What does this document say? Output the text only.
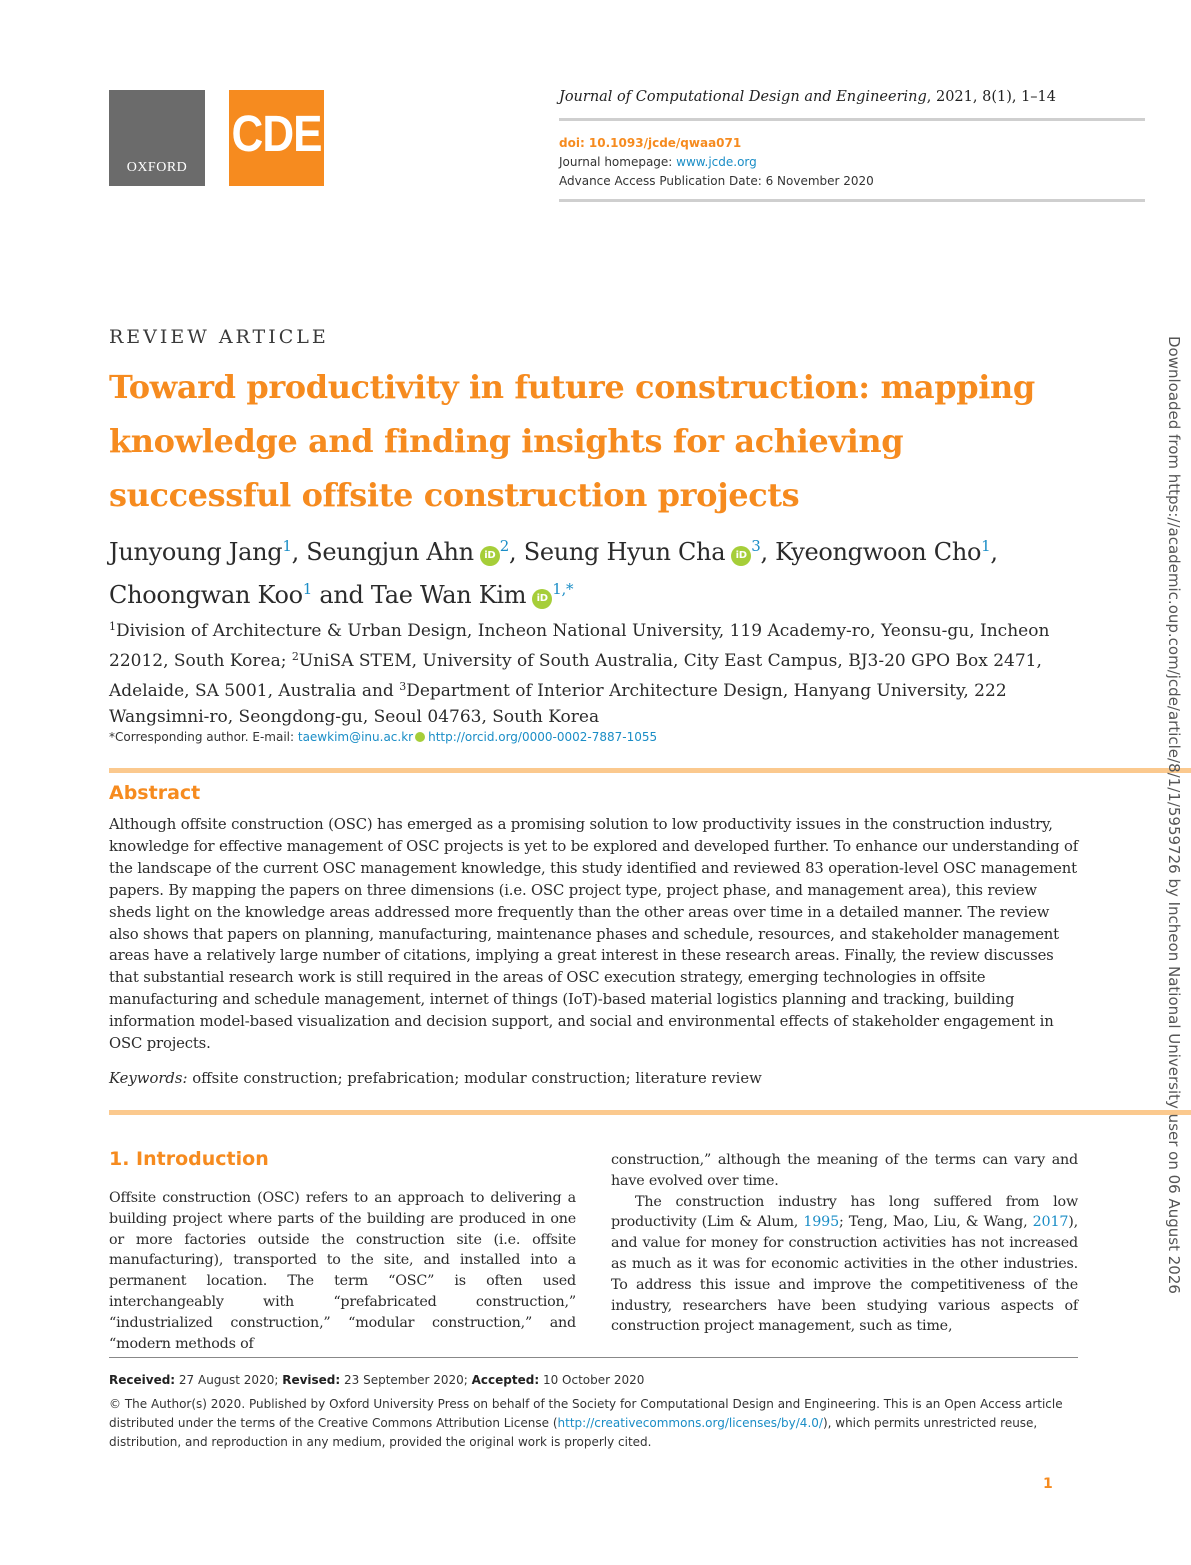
OXFORD
CDE
Journal of Computational Design and Engineering, 2021, 8(1), 1–14
doi: 10.1093/jcde/qwaa071
Journal homepage: www.jcde.org
Advance Access Publication Date: 6 November 2020
REVIEW ARTICLE
Toward productivity in future construction: mapping knowledge and finding insights for achieving successful offsite construction projects
Junyoung Jang$^1$, Seungjun Ahn $iD^2$, Seung Hyun Cha $iD^3$, Kyeongwoon Cho$^1$,
Choongwan Koo$^1$ and Tae Wan Kim $iD^{1,*}$
$^1$Division of Architecture & Urban Design, Incheon National University, 119 Academy-ro, Yeonsu-gu, Incheon 22012, South Korea; $^2$UniSA STEM, University of South Australia, City East Campus, BJ3-20 GPO Box 2471, Adelaide, SA 5001, Australia and $^3$Department of Interior Architecture Design, Hanyang University, 222 Wangsimni-ro, Seongdong-gu, Seoul 04763, South Korea
*Corresponding author. E-mail: taewkim@inu.ac.kr http://orcid.org/0000-0002-7887-1055
Abstract
Although offsite construction (OSC) has emerged as a promising solution to low productivity issues in the construction industry, knowledge for effective management of OSC projects is yet to be explored and developed further. To enhance our understanding of the landscape of the current OSC management knowledge, this study identified and reviewed 83 operation-level OSC management papers. By mapping the papers on three dimensions (i.e. OSC project type, project phase, and management area), this review sheds light on the knowledge areas addressed more frequently than the other areas over time in a detailed manner. The review also shows that papers on planning, manufacturing, maintenance phases and schedule, resources, and stakeholder management areas have a relatively large number of citations, implying a great interest in these research areas. Finally, the review discusses that substantial research work is still required in the areas of OSC execution strategy, emerging technologies in offsite manufacturing and schedule management, internet of things (IoT)-based material logistics planning and tracking, building information model-based visualization and decision support, and social and environmental effects of stakeholder engagement in OSC projects.
Keywords: offsite construction; prefabrication; modular construction; literature review
1. Introduction
Offsite construction (OSC) refers to an approach to delivering a building project where parts of the building are produced in one or more factories outside the construction site (i.e. offsite manufacturing), transported to the site, and installed into a permanent location. The term “OSC” is often used interchangeably with “prefabricated construction,” “industrialized construction,” “modular construction,” and “modern methods of

construction,” although the meaning of the terms can vary and have evolved over time.

The construction industry has long suffered from low productivity (Lim & Alum, 1995; Teng, Mao, Liu, & Wang, 2017), and value for money for construction activities has not increased as much as it was for economic activities in the other industries. To address this issue and improve the competitiveness of the industry, researchers have been studying various aspects of construction project management, such as time,

Received: 27 August 2020; Revised: 23 September 2020; Accepted: 10 October 2020
© The Author(s) 2020. Published by Oxford University Press on behalf of the Society for Computational Design and Engineering. This is an Open Access article distributed under the terms of the Creative Commons Attribution License (http://creativecommons.org/licenses/by/4.0/), which permits unrestricted reuse, distribution, and reproduction in any medium, provided the original work is properly cited.
1
Downloaded from https://academic.oup.com/jcde/article/8/1/1/5959726 by Incheon National University user on 06 August 2026
